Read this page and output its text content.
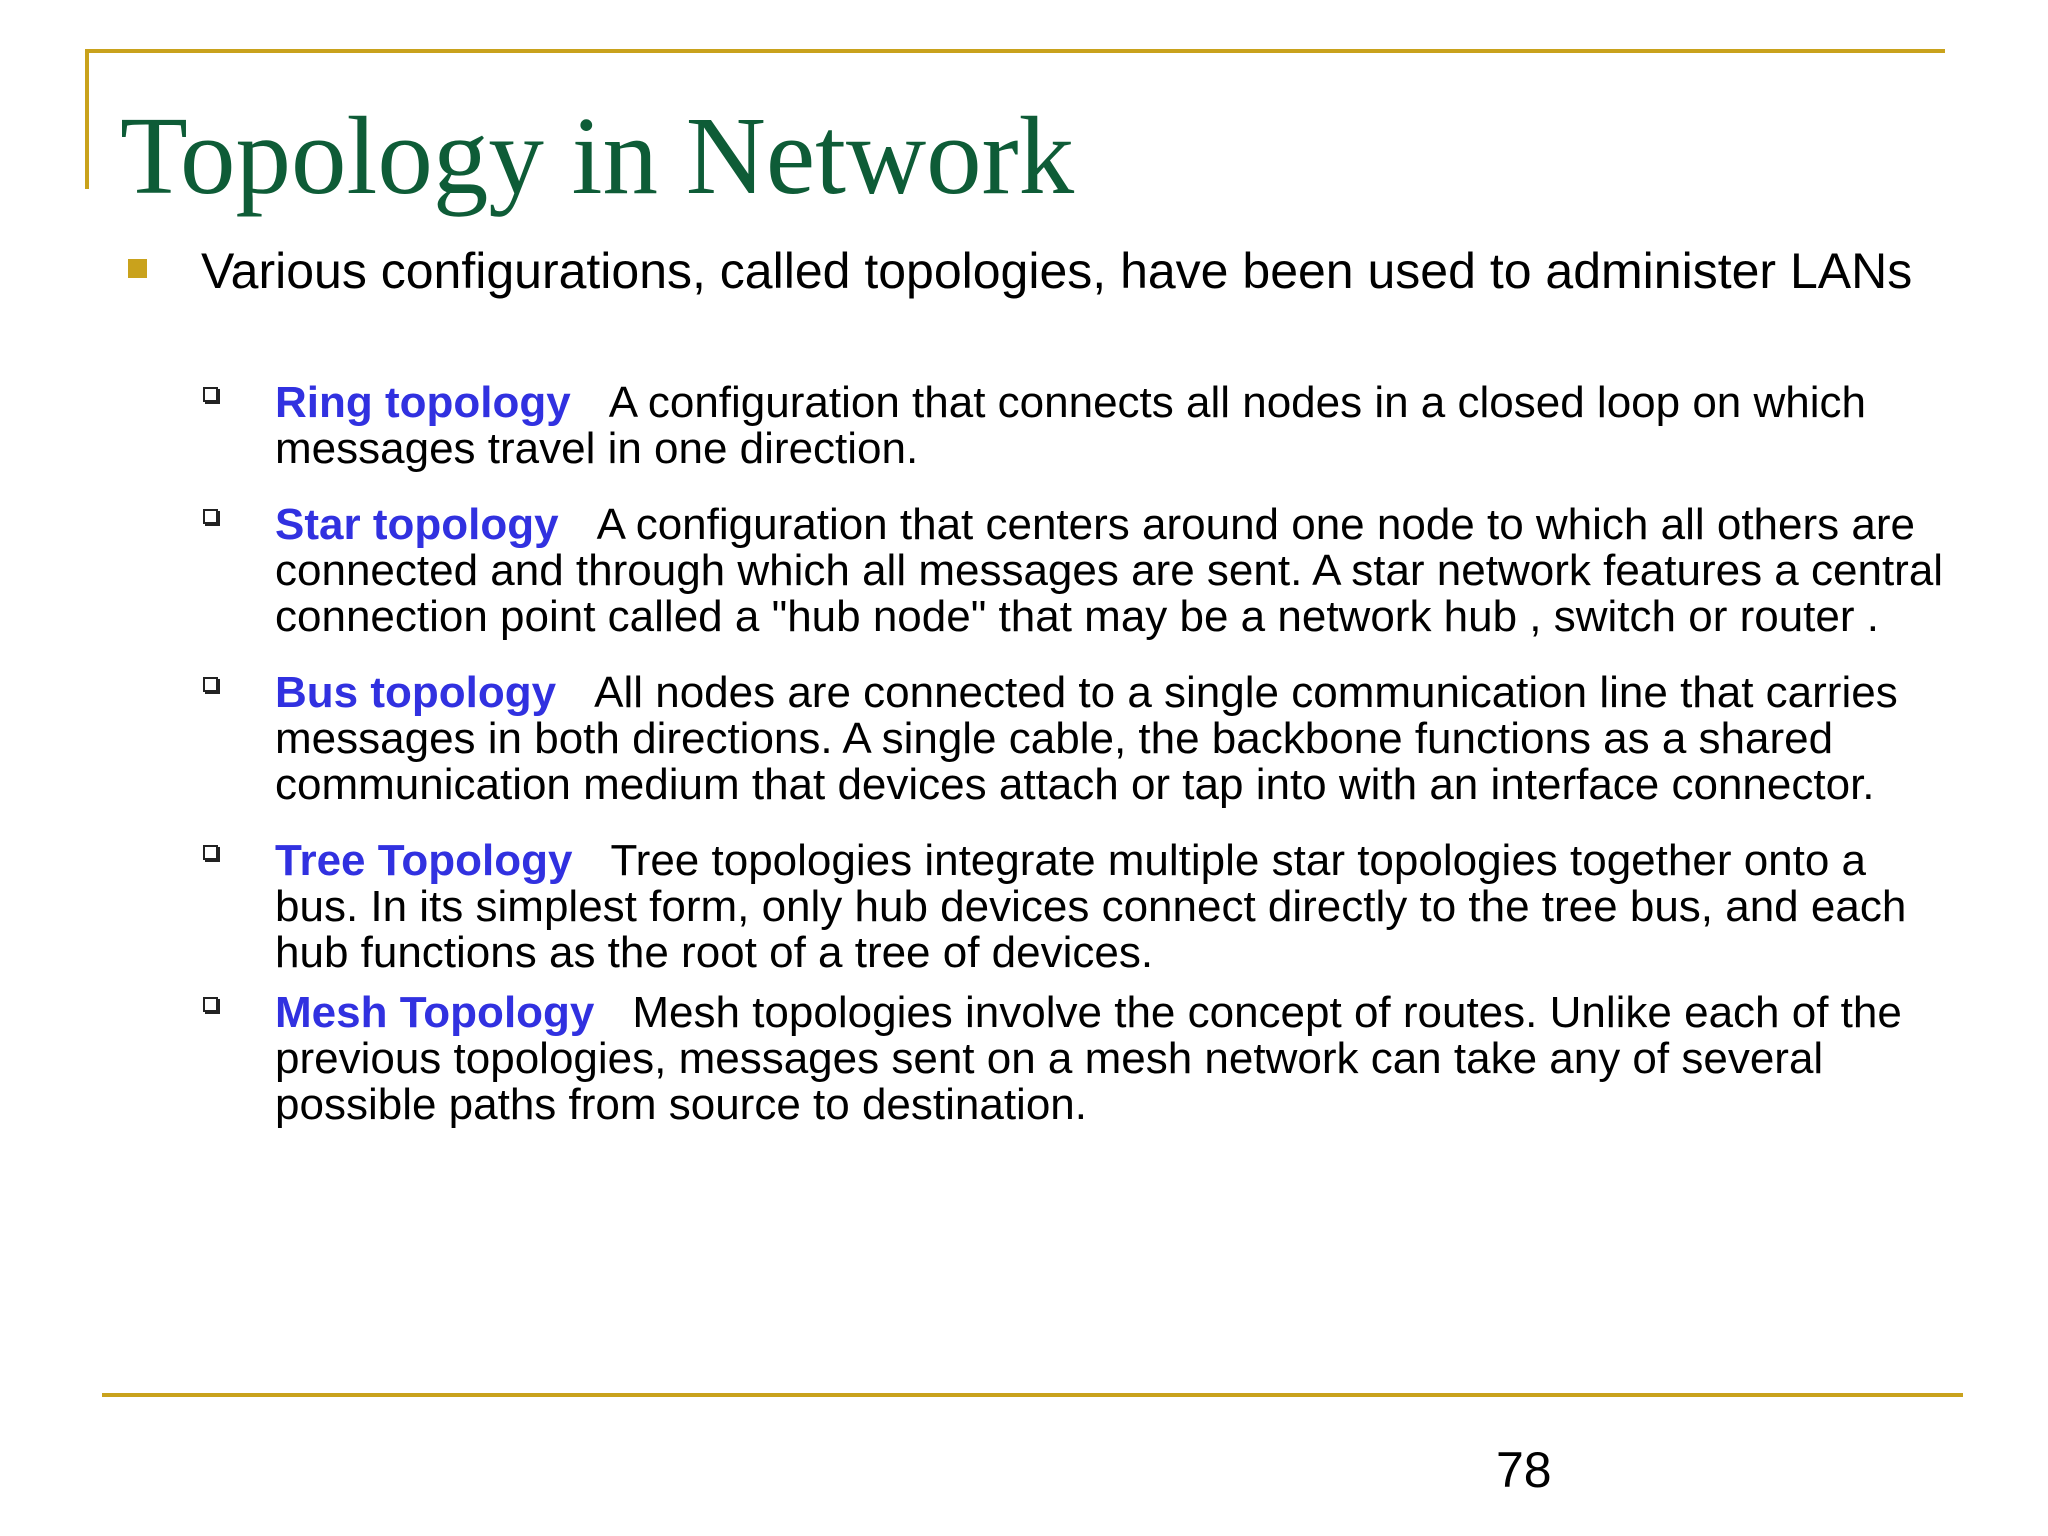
Topology in Network

Various configurations, called topologies, have been used to administer LANs

Ring topology A configuration that connects all nodes in a closed loop on which messages travel in one direction.
Star topology A configuration that centers around one node to which all others are connected and through which all messages are sent. A star network features a central connection point called a "hub node" that may be a network hub , switch or router .
Bus topology All nodes are connected to a single communication line that carries messages in both directions. A single cable, the backbone functions as a shared communication medium that devices attach or tap into with an interface connector.
Tree Topology Tree topologies integrate multiple star topologies together onto a bus. In its simplest form, only hub devices connect directly to the tree bus, and each hub functions as the root of a tree of devices.
Mesh Topology Mesh topologies involve the concept of routes. Unlike each of the previous topologies, messages sent on a mesh network can take any of several possible paths from source to destination.
78
